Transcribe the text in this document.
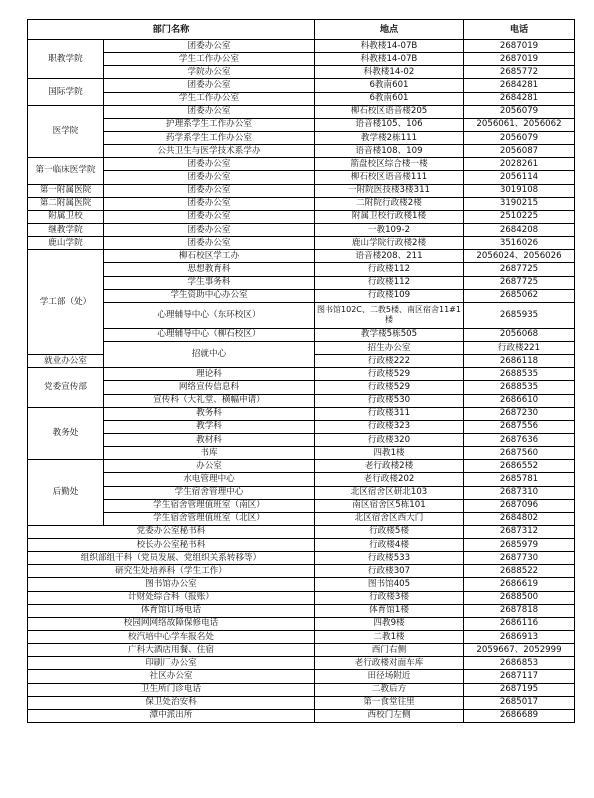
部门名称		地点	电话	
职教学院	团委办公室	科教楼14-07B	2687019	
	学生工作办公室	科教楼14-07B	2687019	
	学院办公室	科教楼14-02	2685772	
国际学院	团委办公室	6教南601	2684281	
	学生工作办公室	6教南601	2684281	
医学院	团委办公室	柳石校区语音楼205	2056079	
	护理系学生工作办公室	语音楼105、106	2056061、2056062	
	药学系学生工作办公室	教学楼2栋111	2056079	
	公共卫生与医学技术系学办	语音楼108、109	2056087	
第一临床医学院	团委办公室	箭盘校区综合楼一楼	2028261	
	团委办公室	柳石校区语音楼111	2056114	
第一附属医院	团委办公室	一附院医技楼3楼311	3019108	
第二附属医院	团委办公室	二附院行政楼2楼	3190215	
附属卫校	团委办公室	附属卫校行政楼1楼	2510225	
继教学院	团委办公室	一教109-2	2684208	
鹿山学院	团委办公室	鹿山学院行政楼2楼	3516026	
学工部（处）	柳石校区学工办	语音楼208、211	2056024、2056026	
	思想教育科	行政楼112	2687725	
	学生事务科	行政楼112	2687725	
	学生资助中心办公室	行政楼109	2685062	
	心理辅导中心（东环校区）	图书馆102C、二教5楼、南区宿舍11#1楼	2685935	
	心理辅导中心（柳石校区）	教学楼5栋505	2056068	
	招就中心	招生办公室	行政楼221	
就业办公室		行政楼222	2686118	
党委宣传部	理论科	行政楼529	2688535	
	网络宣传信息科	行政楼529	2688535	
	宣传科（大礼堂、横幅申请）	行政楼530	2686610	
教务处	教务科	行政楼311	2687230	
	教学科	行政楼323	2687556	
	教材科	行政楼320	2687636	
	书库	四教1楼	2687560	
后勤处	办公室	老行政楼2楼	2686552	
	水电管理中心	老行政楼202	2685781	
	学生宿舍管理中心	北区宿舍区研北103	2687310	
	学生宿舍管理值班室（南区）	南区宿舍区5栋101	2687096	
	学生宿舍管理值班室（北区）	北区宿舍区西大门	2684802	
党委办公室秘书科		行政楼5楼	2687312	
校长办公室秘书科		行政楼4楼	2685979	
组织部组干科（党员发展、党组织关系转移等）		行政楼533	2687730	
研究生处培养科（学生工作）		行政楼307	2688522	
图书馆办公室		图书馆405	2686619	
计财处综合科（报账）		行政楼3楼	2688500	
体育馆订场电话		体育馆1楼	2687818	
校园网网络故障保修电话		四教9楼	2686116	
校汽培中心学车报名处		二教1楼	2686913	
广科大酒店用餐、住宿		西门右侧	2059667、2052999	
印刷厂办公室		老行政楼对面车库	2686853	
社区办公室		田径场附近	2687117	
卫生所门诊电话		二教后方	2687195	
保卫处治安科		第一食堂往里	2685017	
潭中派出所		西校门左侧	2686689	
